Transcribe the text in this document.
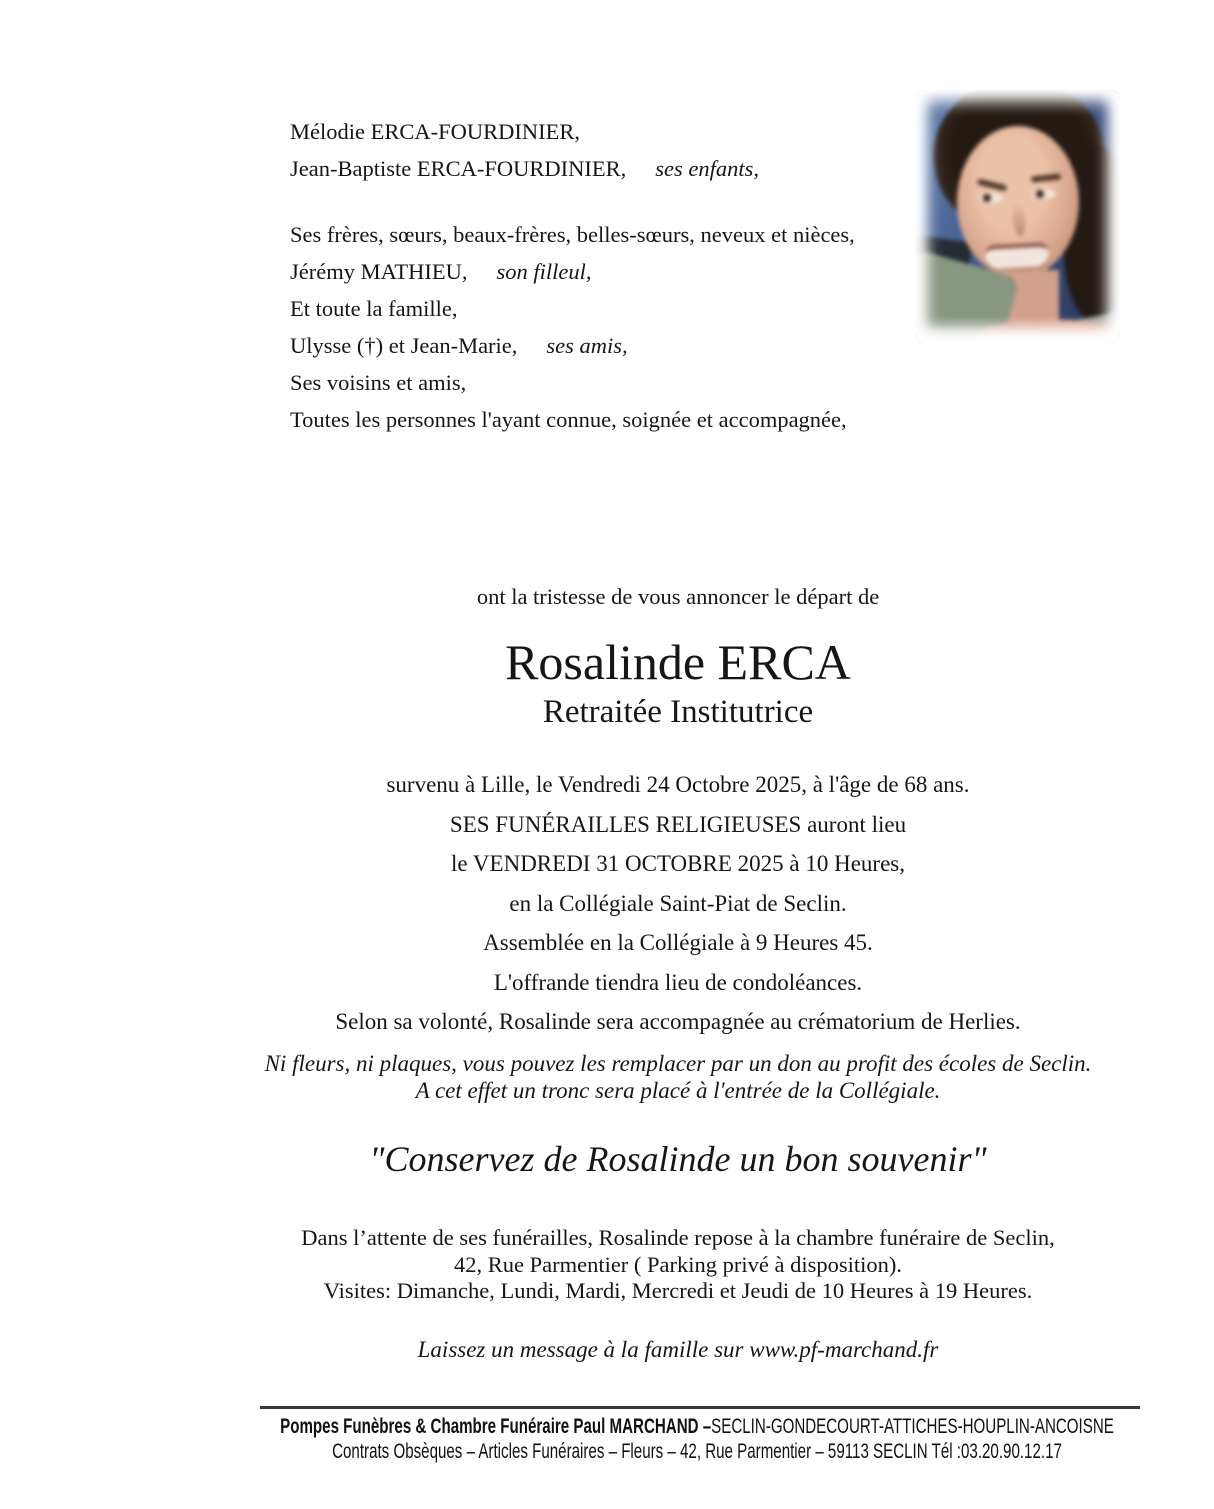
Mélodie ERCA-FOURDINIER,
Jean-Baptiste ERCA-FOURDINIER, ses enfants,
Ses frères, sœurs, beaux-frères, belles-sœurs, neveux et nièces,
Jérémy MATHIEU, son filleul,
Et toute la famille,
Ulysse (†) et Jean-Marie, ses amis,
Ses voisins et amis,
Toutes les personnes l'ayant connue, soignée et accompagnée,
ont la tristesse de vous annoncer le départ de
Rosalinde ERCA
Retraitée Institutrice
survenu à Lille, le Vendredi 24 Octobre 2025, à l'âge de 68 ans.
SES FUNÉRAILLES RELIGIEUSES auront lieu
le VENDREDI 31 OCTOBRE 2025 à 10 Heures,
en la Collégiale Saint-Piat de Seclin.
Assemblée en la Collégiale à 9 Heures 45.
L'offrande tiendra lieu de condoléances.
Selon sa volonté, Rosalinde sera accompagnée au crématorium de Herlies.
Ni fleurs, ni plaques, vous pouvez les remplacer par un don au profit des écoles de Seclin.
A cet effet un tronc sera placé à l'entrée de la Collégiale.
"Conservez de Rosalinde un bon souvenir"
Dans l’attente de ses funérailles, Rosalinde repose à la chambre funéraire de Seclin,
42, Rue Parmentier ( Parking privé à disposition).
Visites: Dimanche, Lundi, Mardi, Mercredi et Jeudi de 10 Heures à 19 Heures.
Laissez un message à la famille sur www.pf-marchand.fr
Pompes Funèbres & Chambre Funéraire Paul MARCHAND –SECLIN-GONDECOURT-ATTICHES-HOUPLIN-ANCOISNE
Contrats Obsèques – Articles Funéraires – Fleurs – 42, Rue Parmentier – 59113 SECLIN Tél :03.20.90.12.17
